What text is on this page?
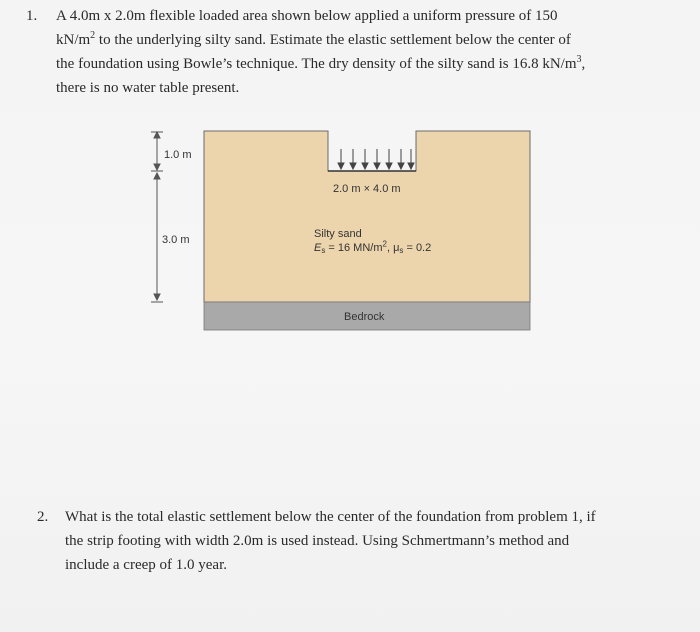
1. A 4.0m x 2.0m flexible loaded area shown below applied a uniform pressure of 150
$kN/m^2$ to the underlying silty sand. Estimate the elastic settlement below the center of
the foundation using Bowle’s technique. The dry density of the silty sand is 16.8 $kN/m^3$,
there is no water table present.
1.0 m
3.0 m
2.0 m × 4.0 m
Silty sand
$E_s = 16$ $MN/m^2$, $\mu_s = 0.2$
Bedrock
2. What is the total elastic settlement below the center of the foundation from problem 1, if
the strip footing with width 2.0m is used instead. Using Schmertmann’s method and
include a creep of 1.0 year.
